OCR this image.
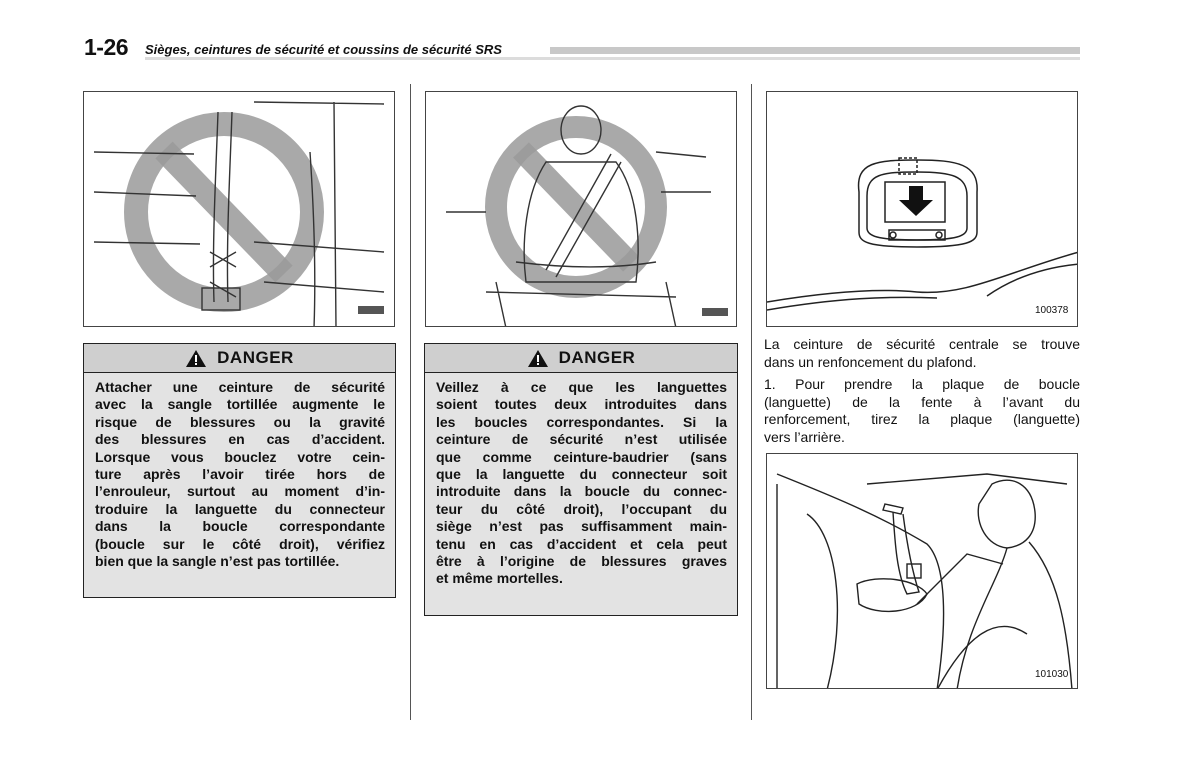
1-26 Sièges, ceintures de sécurité et coussins de sécurité SRS
100378
101030
DANGER
Attacher une ceinture de sécurité
avec la sangle tortillée augmente le
risque de blessures ou la gravité
des blessures en cas d’accident.
Lorsque vous bouclez votre cein-
ture après l’avoir tirée hors de
l’enrouleur, surtout au moment d’in-
troduire la languette du connecteur
dans la boucle correspondante
(boucle sur le côté droit), vérifiez
bien que la sangle n’est pas tortillée.
DANGER
Veillez à ce que les languettes
soient toutes deux introduites dans
les boucles correspondantes. Si la
ceinture de sécurité n’est utilisée
que comme ceinture-baudrier (sans
que la languette du connecteur soit
introduite dans la boucle du connec-
teur du côté droit), l’occupant du
siège n’est pas suffisamment main-
tenu en cas d’accident et cela peut
être à l’origine de blessures graves
et même mortelles.
La ceinture de sécurité centrale se trouve
dans un renfoncement du plafond.
1. Pour prendre la plaque de boucle
(languette) de la fente à l’avant du
renforcement, tirez la plaque (languette)
vers l’arrière.
